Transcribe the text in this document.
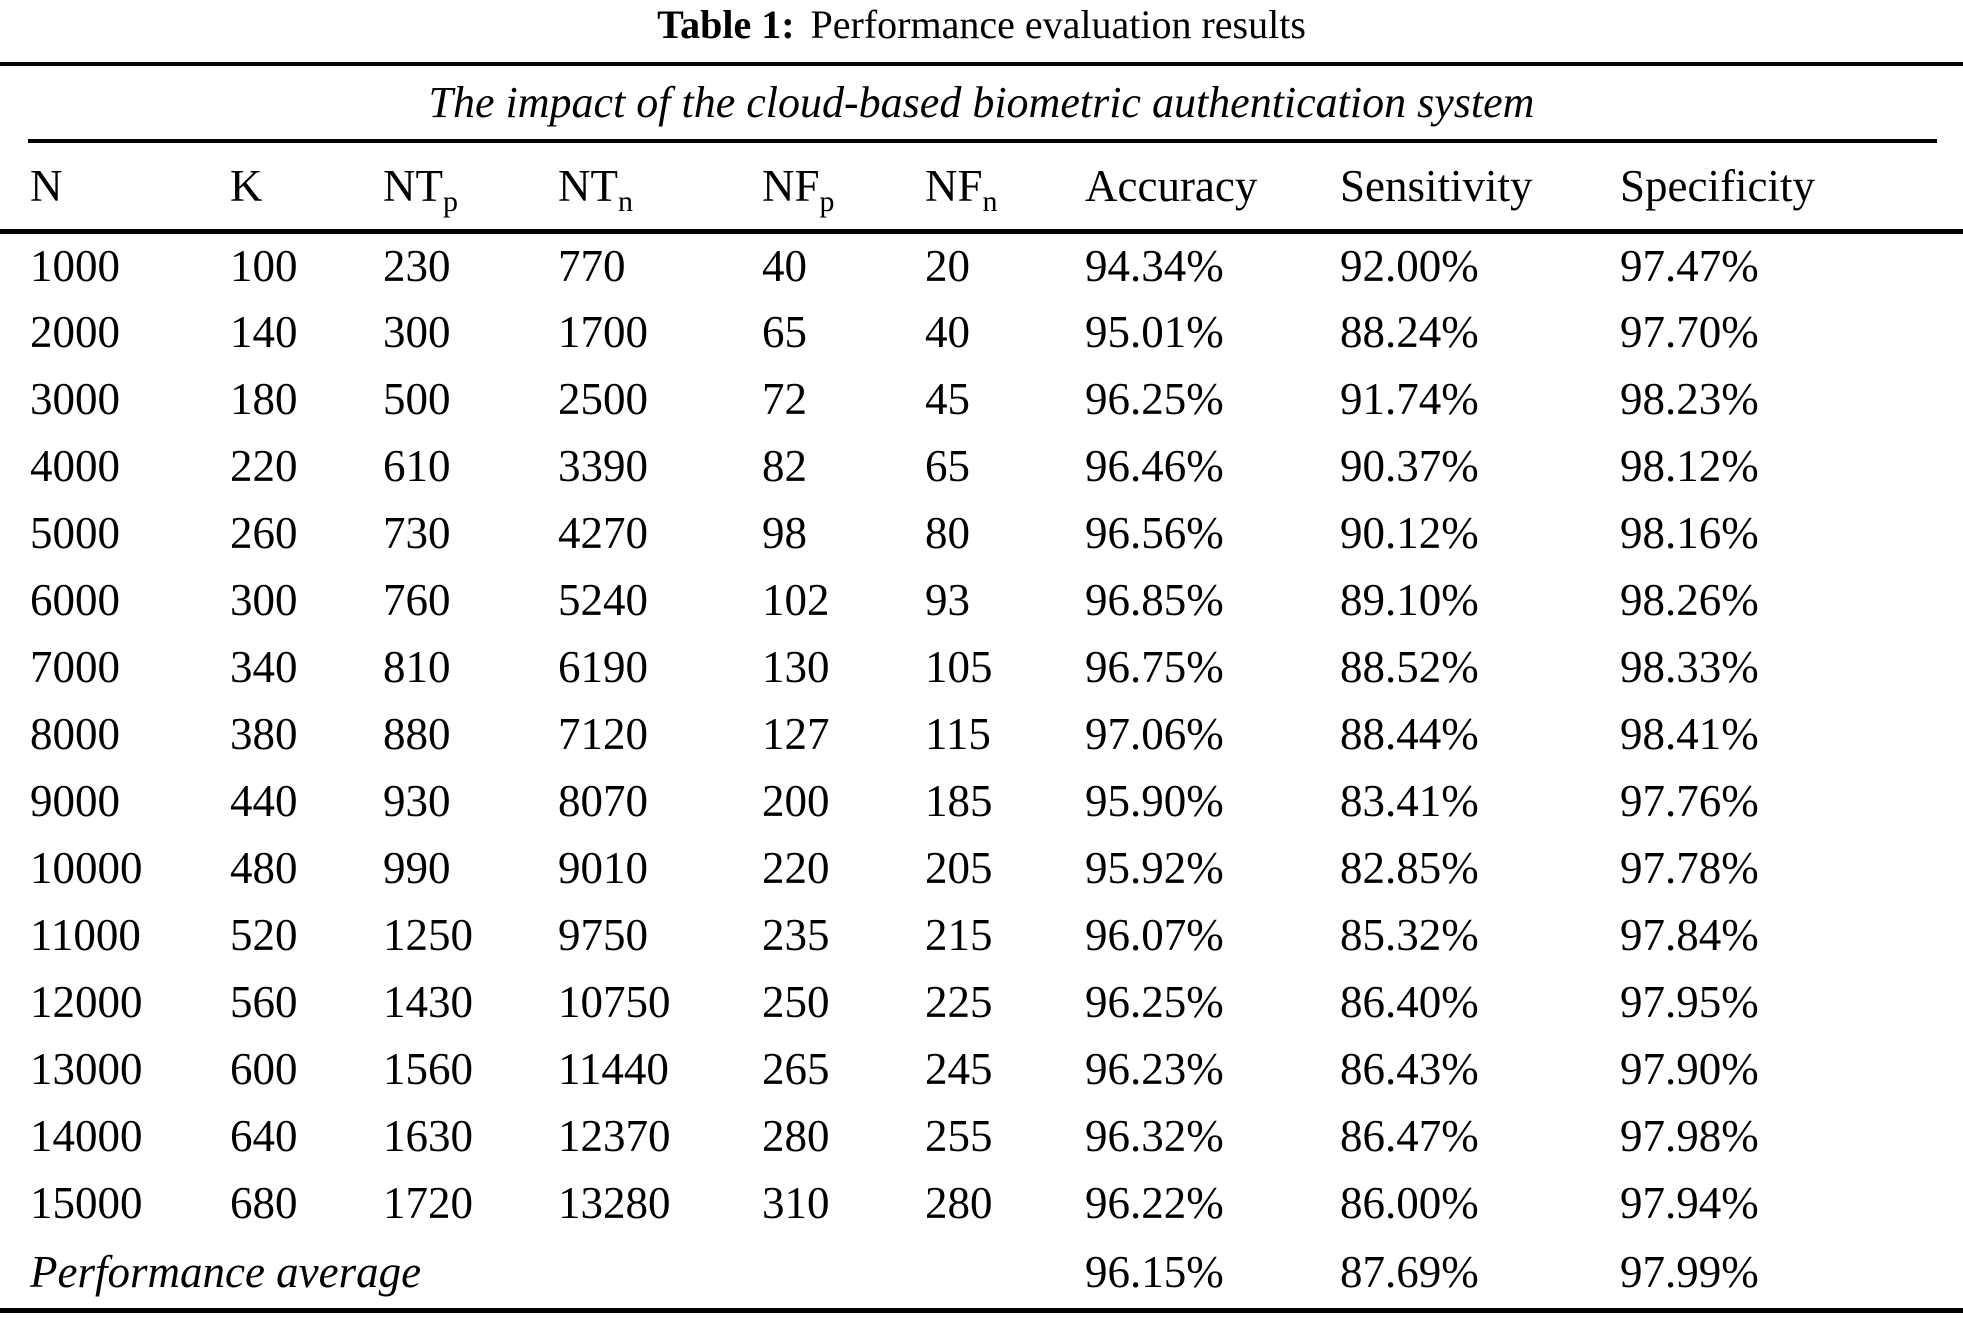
Table 1: Performance evaluation results
The impact of the cloud-based biometric authentication system
N	K	$NT_p$	$NT_n$	$NF_p$	$NF_n$	Accuracy	Sensitivity	Specificity
1000	100	230	770	40	20	94.34%	92.00%	97.47%
2000	140	300	1700	65	40	95.01%	88.24%	97.70%
3000	180	500	2500	72	45	96.25%	91.74%	98.23%
4000	220	610	3390	82	65	96.46%	90.37%	98.12%
5000	260	730	4270	98	80	96.56%	90.12%	98.16%
6000	300	760	5240	102	93	96.85%	89.10%	98.26%
7000	340	810	6190	130	105	96.75%	88.52%	98.33%
8000	380	880	7120	127	115	97.06%	88.44%	98.41%
9000	440	930	8070	200	185	95.90%	83.41%	97.76%
10000	480	990	9010	220	205	95.92%	82.85%	97.78%
11000	520	1250	9750	235	215	96.07%	85.32%	97.84%
12000	560	1430	10750	250	225	96.25%	86.40%	97.95%
13000	600	1560	11440	265	245	96.23%	86.43%	97.90%
14000	640	1630	12370	280	255	96.32%	86.47%	97.98%
15000	680	1720	13280	310	280	96.22%	86.00%	97.94%
Performance average						96.15%	87.69%	97.99%
